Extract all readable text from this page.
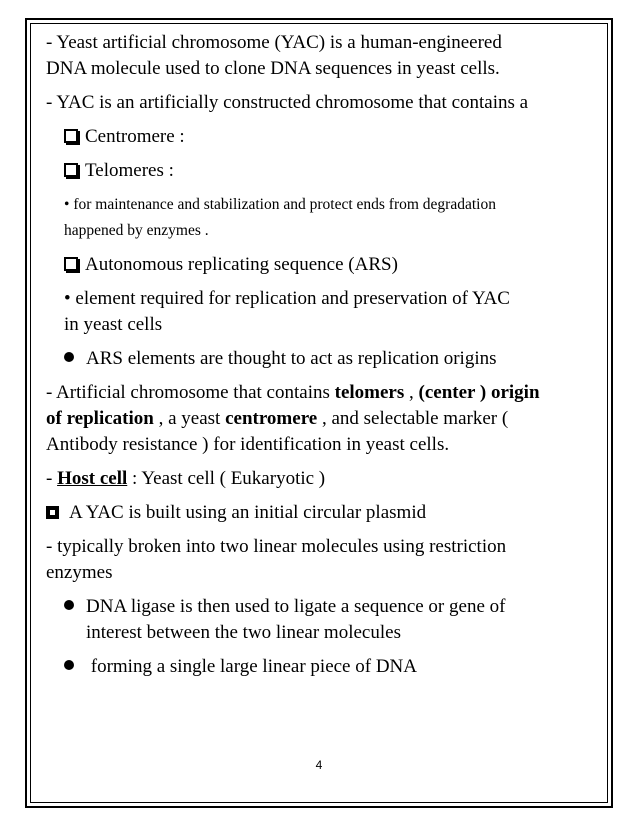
- Yeast artificial chromosome (YAC) is a human-engineered
DNA molecule used to clone DNA sequences in yeast cells.
- YAC is an artificially constructed chromosome that contains a
Centromere :
Telomeres :
• for maintenance and stabilization and protect ends from degradation
happened by enzymes .
Autonomous replicating sequence (ARS)
• element required for replication and preservation of YAC
in yeast cells
ARS elements are thought to act as replication origins
- Artificial chromosome that contains telomers , (center ) origin
of replication , a yeast centromere , and selectable marker (
Antibody resistance ) for identification in yeast cells.
- Host cell : Yeast cell ( Eukaryotic )
A YAC is built using an initial circular plasmid
- typically broken into two linear molecules using restriction
enzymes
DNA ligase is then used to ligate a sequence or gene of
interest between the two linear molecules
forming a single large linear piece of DNA
4
